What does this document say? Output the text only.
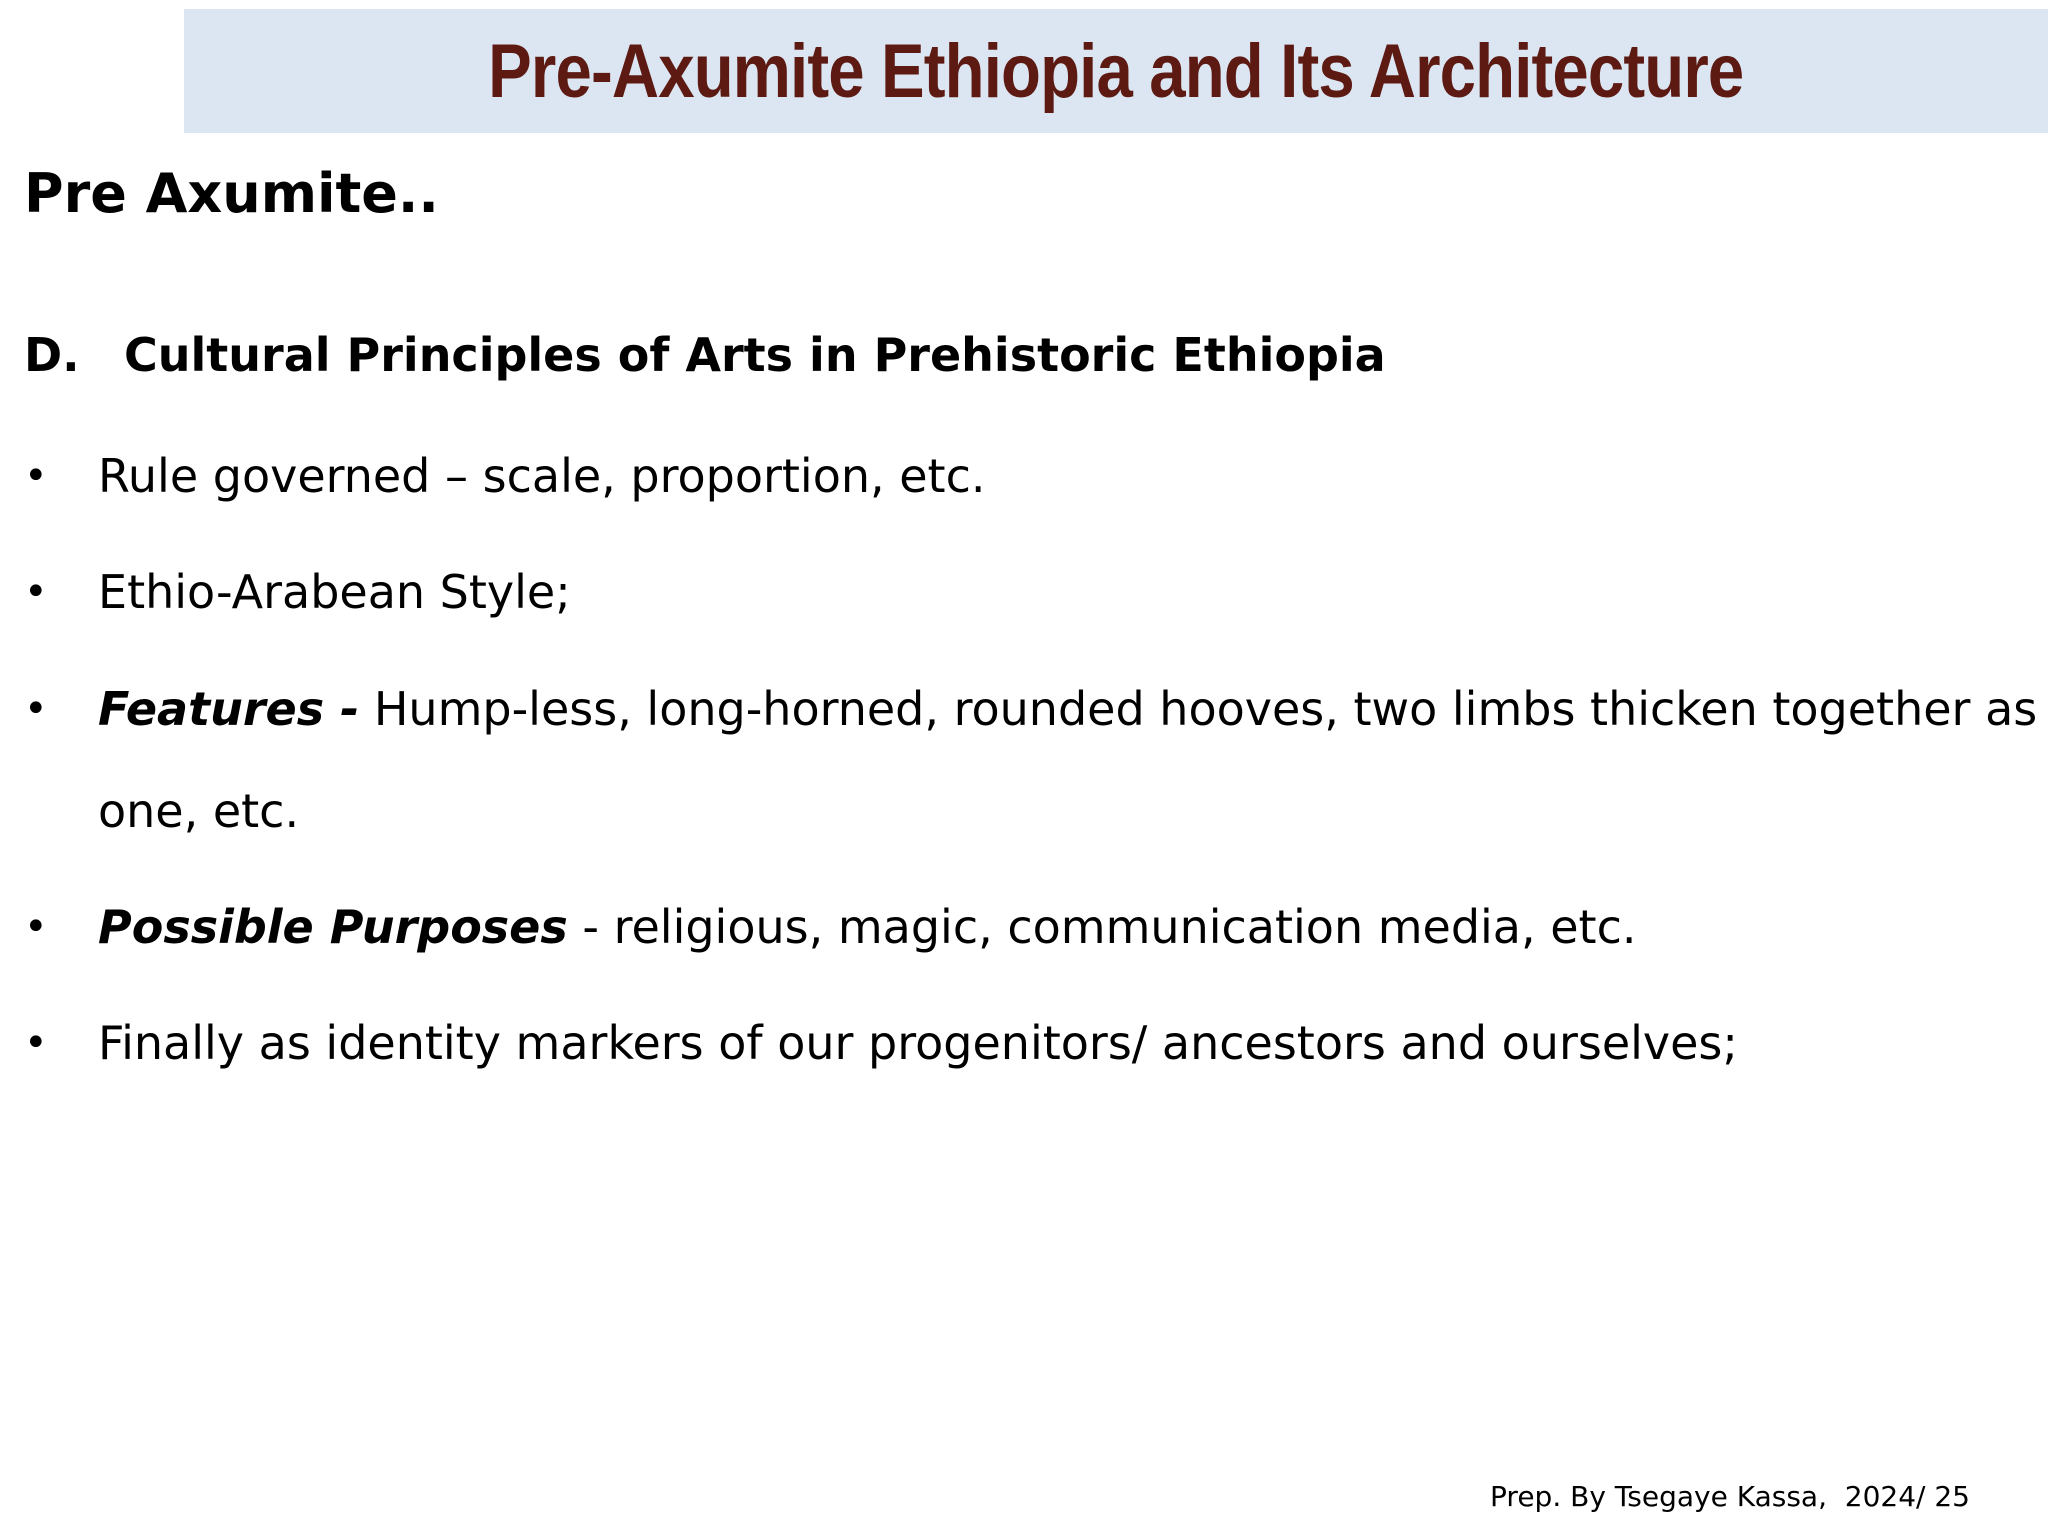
Pre-Axumite Ethiopia and Its Architecture
Pre Axumite..
D. Cultural Principles of Arts in Prehistoric Ethiopia
•	Rule governed – scale, proportion, etc.
•	Ethio-Arabean Style;
•	Features - Hump-less, long-horned, rounded hooves, two limbs thicken together as one, etc.
•	Possible Purposes - religious, magic, communication media, etc.
•	Finally as identity markers of our progenitors/ ancestors and ourselves;
Prep. By Tsegaye Kassa,  2024/ 25
